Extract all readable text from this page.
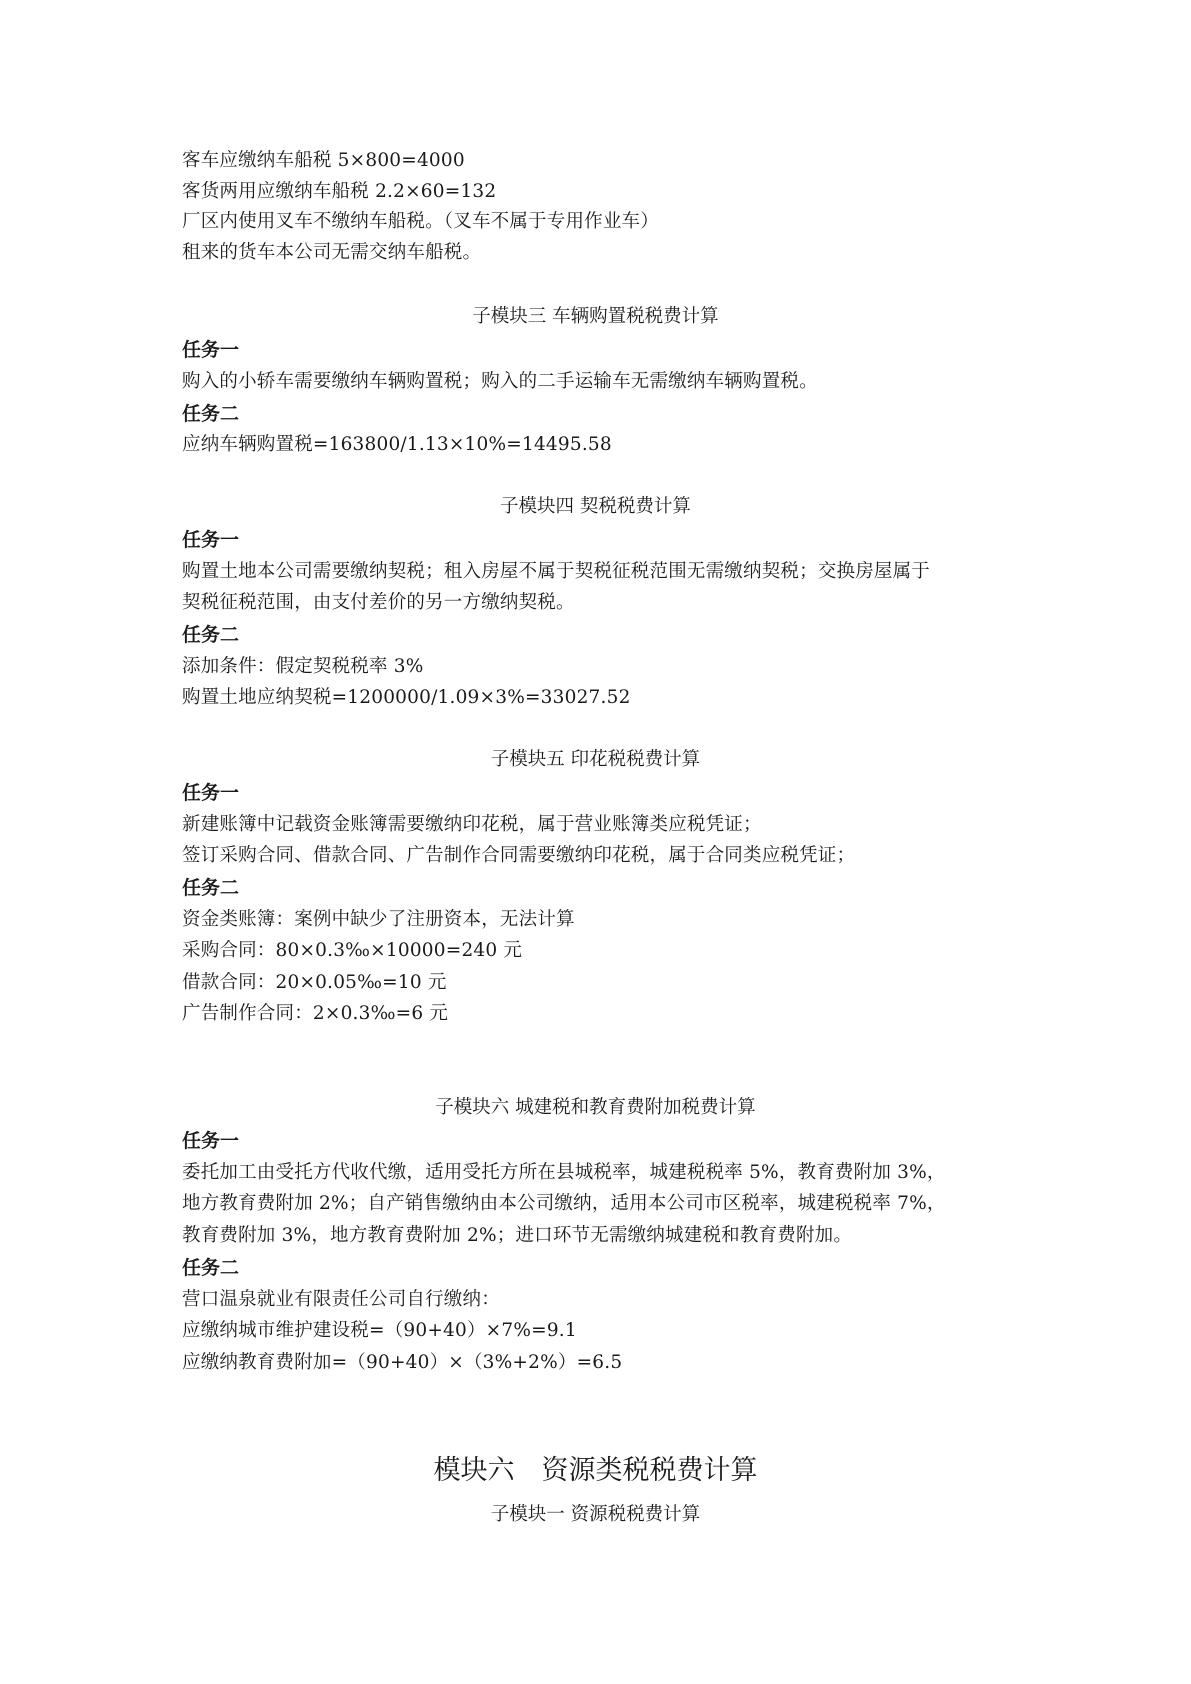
客车应缴纳车船税 5×800=4000
客货两用应缴纳车船税 2.2×60=132
厂区内使用叉车不缴纳车船税。（叉车不属于专用作业车）
租来的货车本公司无需交纳车船税。
子模块三 车辆购置税税费计算
任务一
购入的小轿车需要缴纳车辆购置税；购入的二手运输车无需缴纳车辆购置税。
任务二
应纳车辆购置税=163800/1.13×10%=14495.58
子模块四 契税税费计算
任务一
购置土地本公司需要缴纳契税；租入房屋不属于契税征税范围无需缴纳契税；交换房屋属于
契税征税范围，由支付差价的另一方缴纳契税。
任务二
添加条件：假定契税税率 3%
购置土地应纳契税=1200000/1.09×3%=33027.52
子模块五 印花税税费计算
任务一
新建账簿中记载资金账簿需要缴纳印花税，属于营业账簿类应税凭证；
签订采购合同、借款合同、广告制作合同需要缴纳印花税，属于合同类应税凭证；
任务二
资金类账簿：案例中缺少了注册资本，无法计算
采购合同：80×0.3‰×10000=240 元
借款合同：20×0.05‰=10 元
广告制作合同：2×0.3‰=6 元
子模块六 城建税和教育费附加税费计算
任务一
委托加工由受托方代收代缴，适用受托方所在县城税率，城建税税率 5%，教育费附加 3%，
地方教育费附加 2%；自产销售缴纳由本公司缴纳，适用本公司市区税率，城建税税率 7%，
教育费附加 3%，地方教育费附加 2%；进口环节无需缴纳城建税和教育费附加。
任务二
营口温泉就业有限责任公司自行缴纳：
应缴纳城市维护建设税=（90+40）×7%=9.1
应缴纳教育费附加=（90+40）×（3%+2%）=6.5
模块六　资源类税税费计算
子模块一 资源税税费计算
